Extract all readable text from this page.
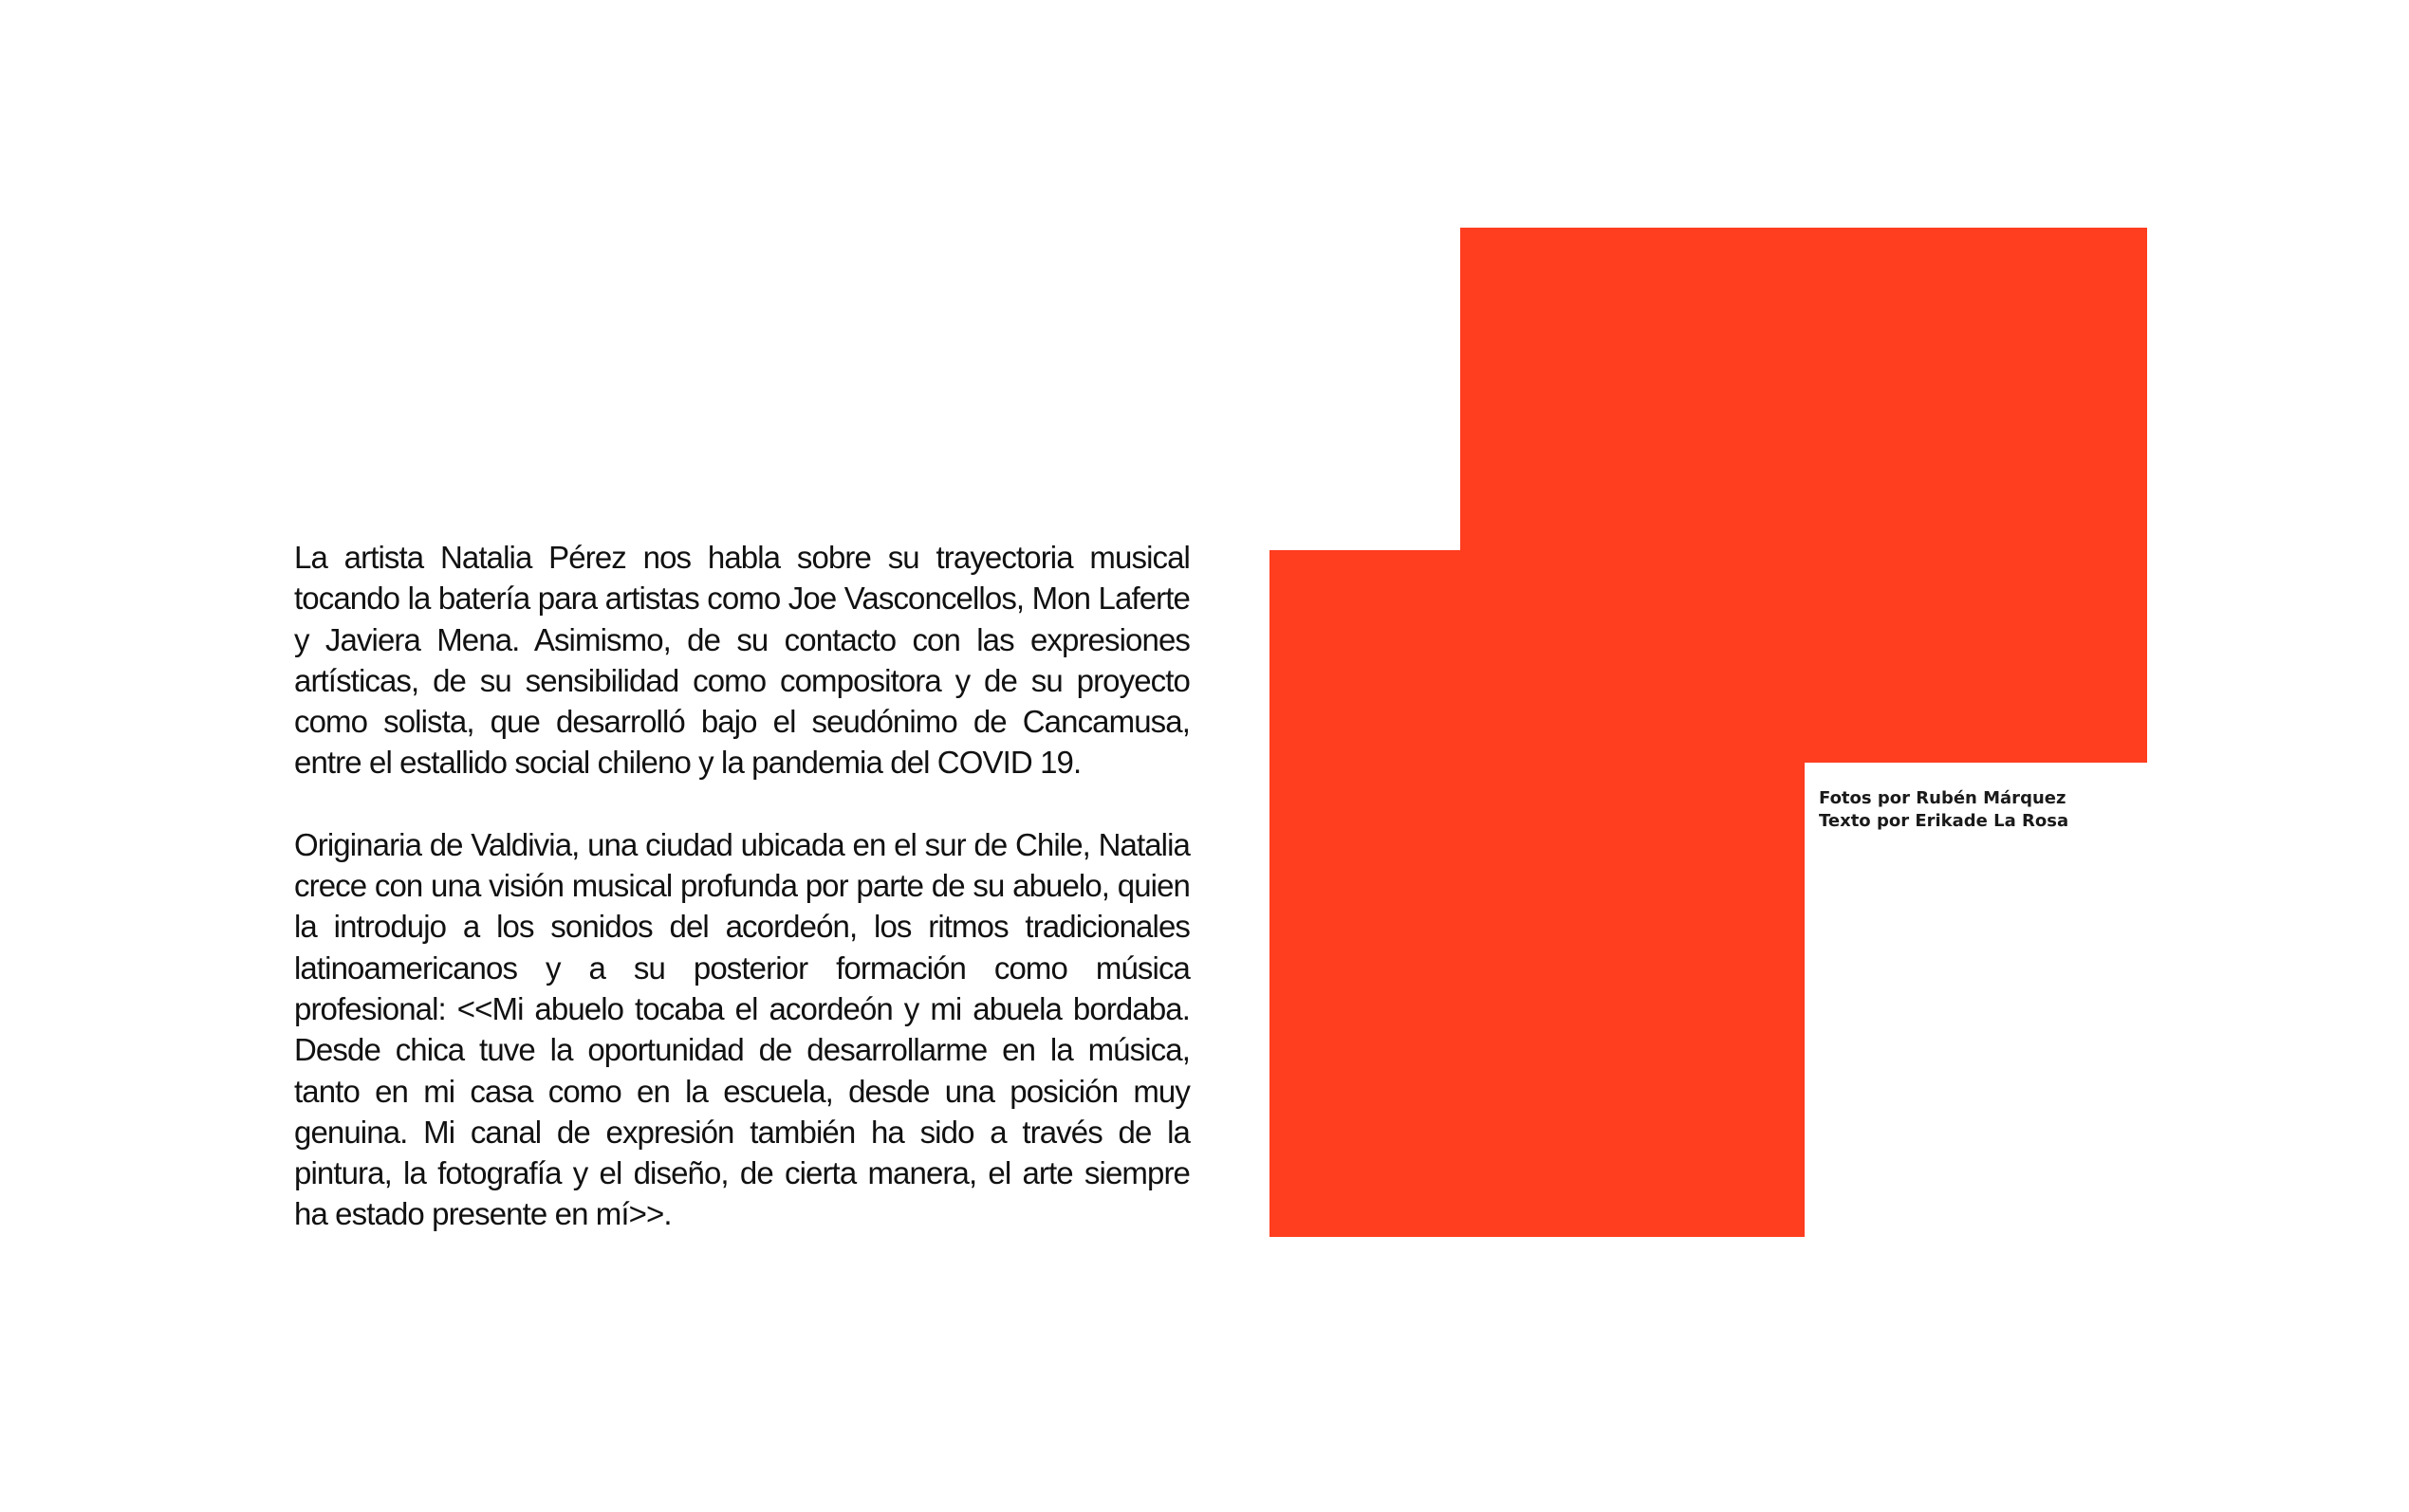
La artista Natalia Pérez nos habla sobre su trayectoria musical tocando la batería para artistas como Joe Vasconcellos, Mon Laferte y Javiera Mena. Asimismo, de su contacto con las expresiones artísticas, de su sensibilidad como compositora y de su proyecto como solista, que desarrolló bajo el seudónimo de Cancamusa, entre el estallido social chileno y la pandemia del COVID 19.

Originaria de Valdivia, una ciudad ubicada en el sur de Chile, Natalia crece con una visión musical profunda por parte de su abuelo, quien la introdujo a los sonidos del acordeón, los ritmos tradicionales latinoamericanos y a su posterior formación como música profesional: <<Mi abuelo tocaba el acordeón y mi abuela bordaba. Desde chica tuve la oportunidad de desarrollarme en la música, tanto en mi casa como en la escuela, desde una posición muy genuina. Mi canal de expresión también ha sido a través de la pintura, la fotografía y el diseño, de cierta manera, el arte siempre ha estado presente en mí>>.

Fotos por Rubén Márquez
Texto por Erikade La Rosa
